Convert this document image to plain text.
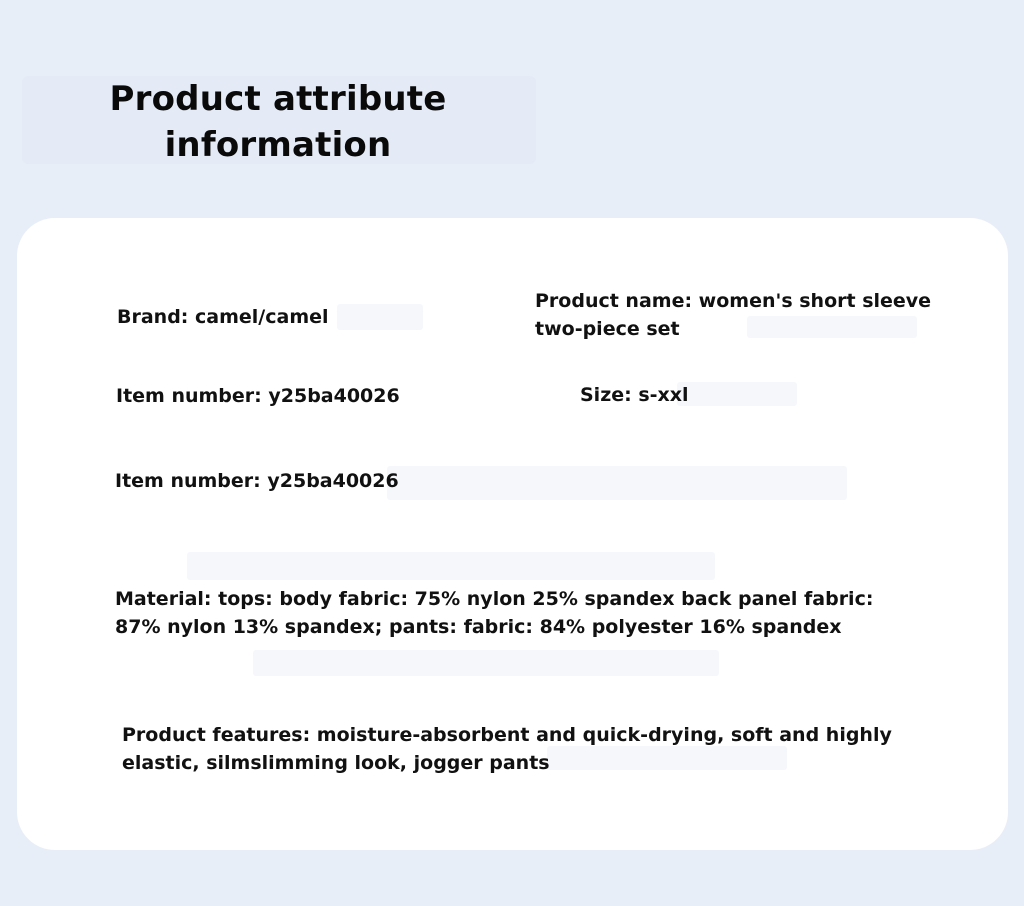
Product attribute information

Brand: camel/camel

Product name: women's short sleeve two-piece set

Item number: y25ba40026	Size: s-xxl

Item number: y25ba40026

Material: tops: body fabric: 75% nylon 25% spandex back panel fabric: 87% nylon 13% spandex; pants: fabric: 84% polyester 16% spandex

Product features: moisture-absorbent and quick-drying, soft and highly elastic, silmslimming look, jogger pants
